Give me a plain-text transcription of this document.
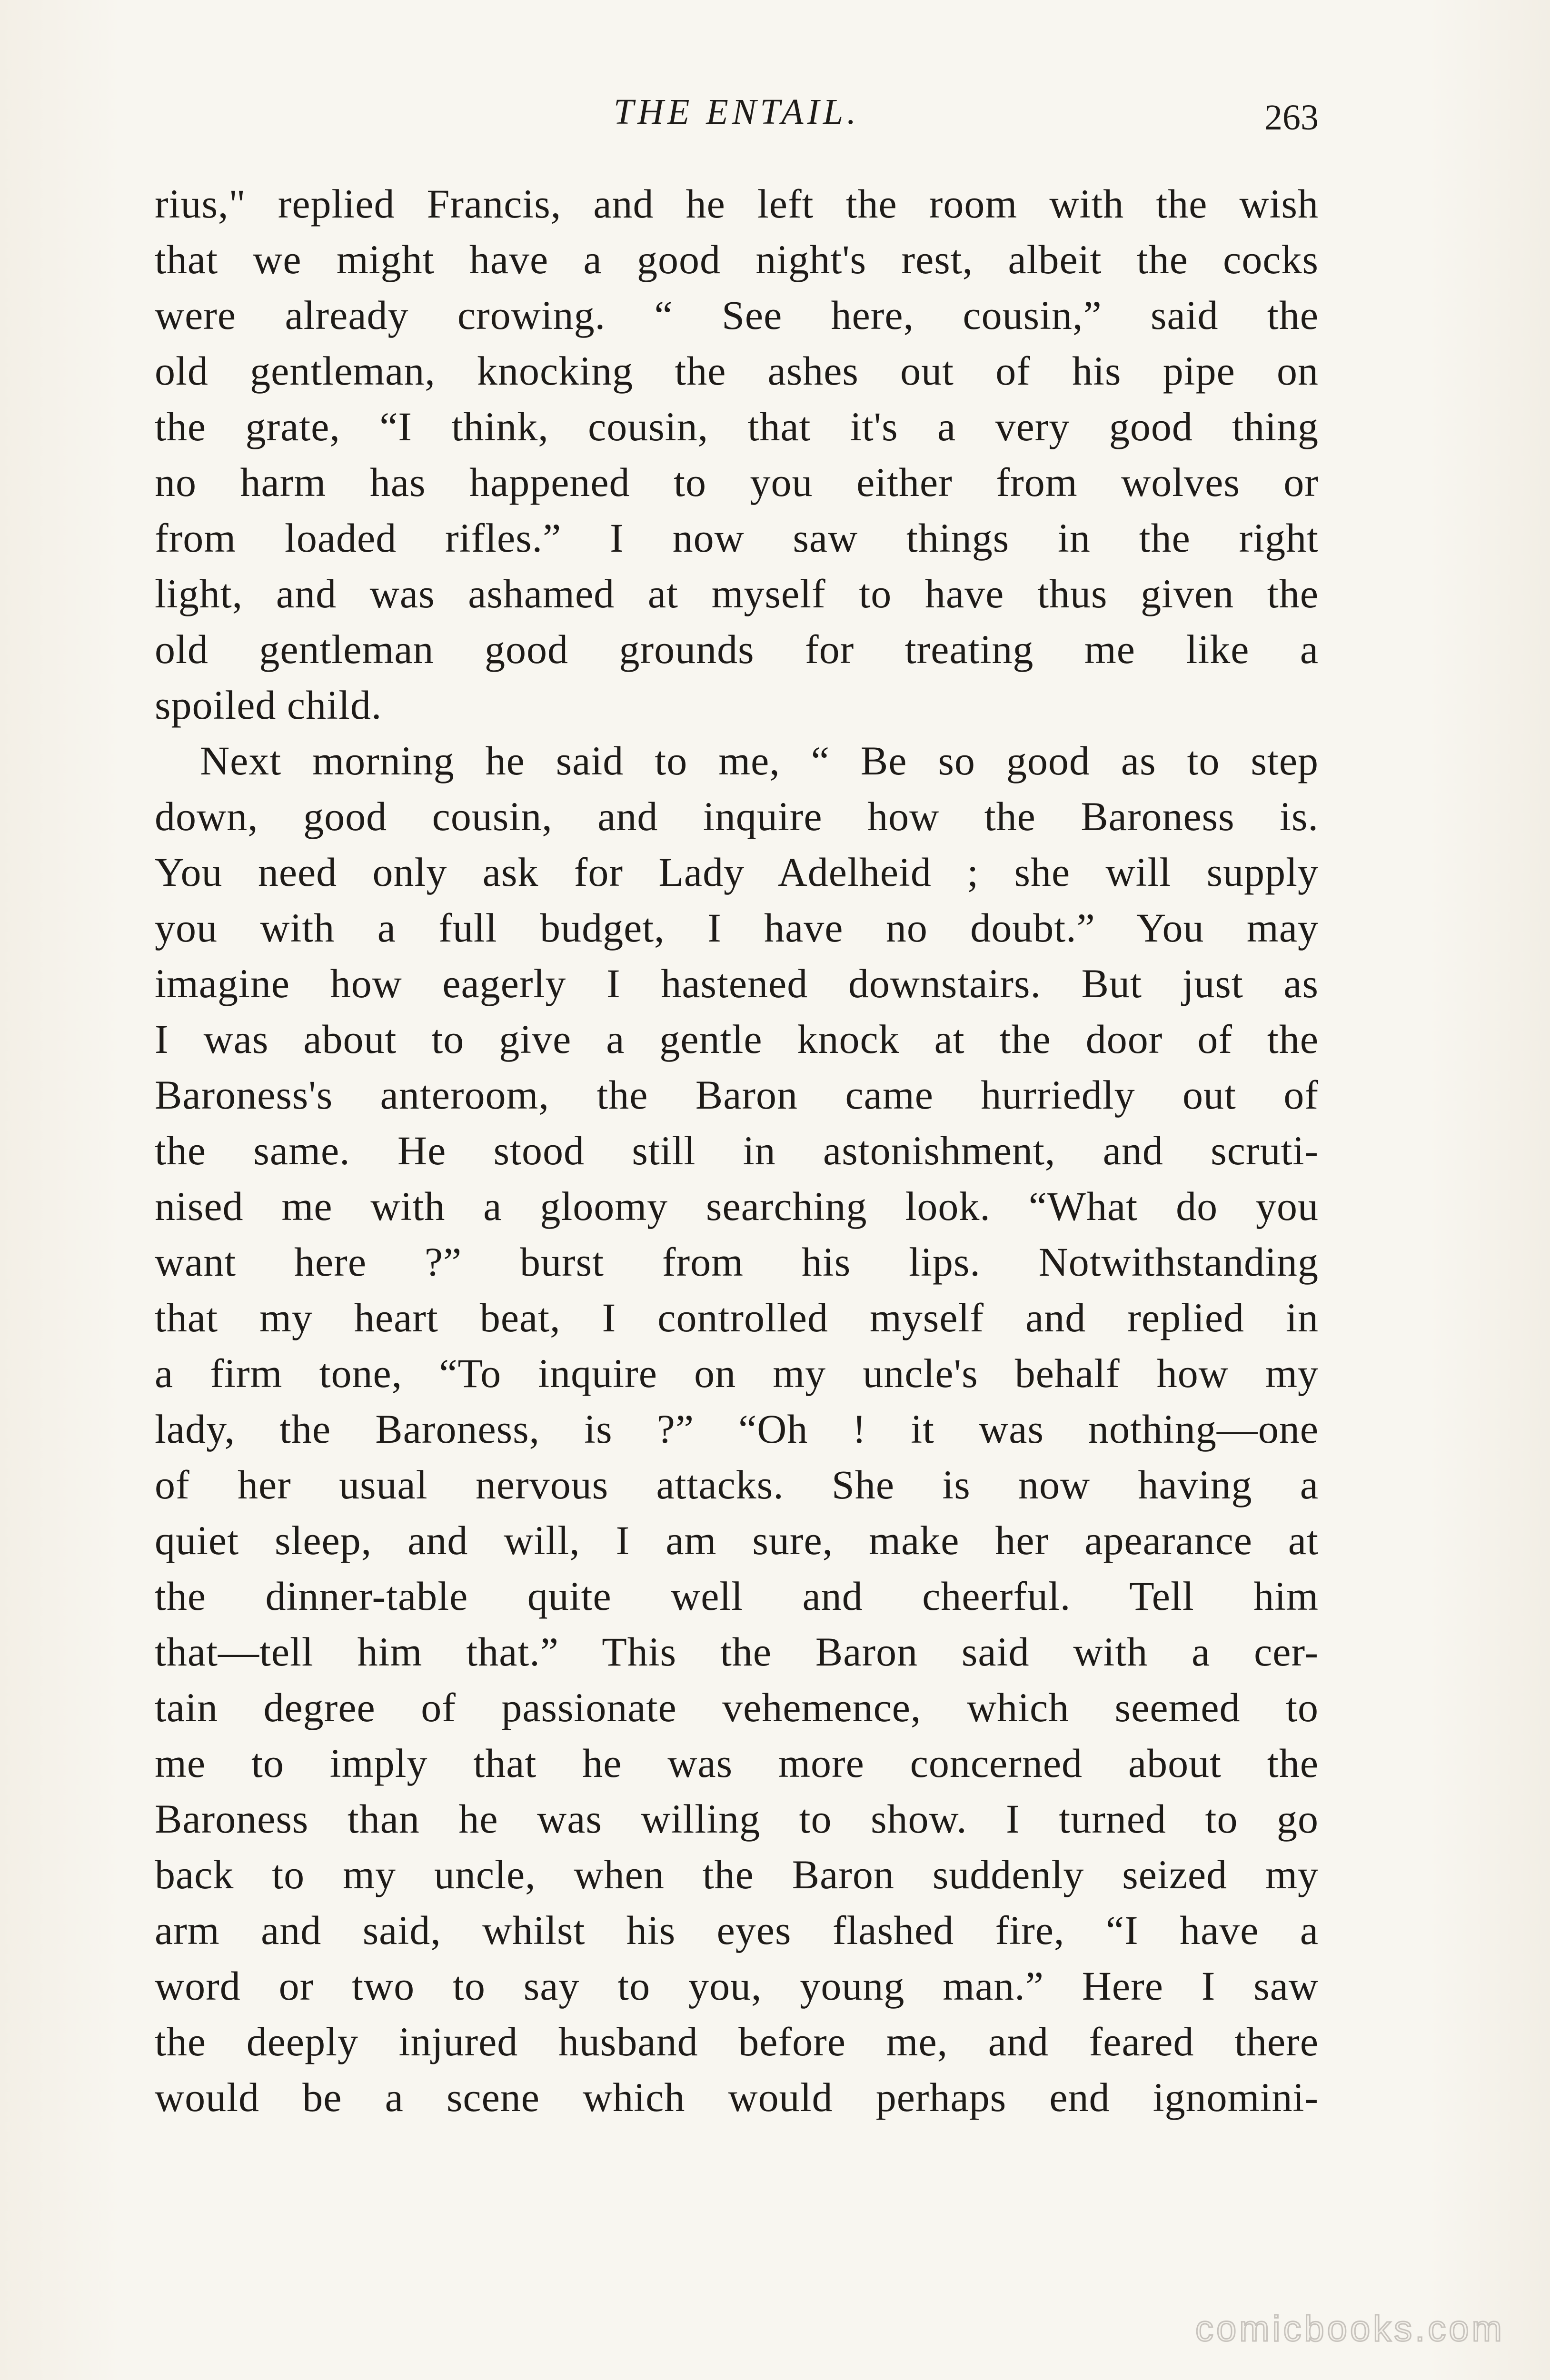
THE ENTAIL.	263
rius," replied Francis, and he left the room with the wish
that we might have a good night's rest, albeit the cocks
were already crowing. “ See here, cousin,” said the
old gentleman, knocking the ashes out of his pipe on
the grate, “I think, cousin, that it's a very good thing
no harm has happened to you either from wolves or
from loaded rifles.” I now saw things in the right
light, and was ashamed at myself to have thus given the
old gentleman good grounds for treating me like a
spoiled child.
Next morning he said to me, “ Be so good as to step
down, good cousin, and inquire how the Baroness is.
You need only ask for Lady Adelheid ; she will supply
you with a full budget, I have no doubt.” You may
imagine how eagerly I hastened downstairs. But just as
I was about to give a gentle knock at the door of the
Baroness's anteroom, the Baron came hurriedly out of
the same. He stood still in astonishment, and scruti-
nised me with a gloomy searching look. “What do you
want here ?” burst from his lips. Notwithstanding
that my heart beat, I controlled myself and replied in
a firm tone, “To inquire on my uncle's behalf how my
lady, the Baroness, is ?” “Oh ! it was nothing—one
of her usual nervous attacks. She is now having a
quiet sleep, and will, I am sure, make her apearance at
the dinner-table quite well and cheerful. Tell him
that—tell him that.” This the Baron said with a cer-
tain degree of passionate vehemence, which seemed to
me to imply that he was more concerned about the
Baroness than he was willing to show. I turned to go
back to my uncle, when the Baron suddenly seized my
arm and said, whilst his eyes flashed fire, “I have a
word or two to say to you, young man.” Here I saw
the deeply injured husband before me, and feared there
would be a scene which would perhaps end ignomini-
comicbooks.com
